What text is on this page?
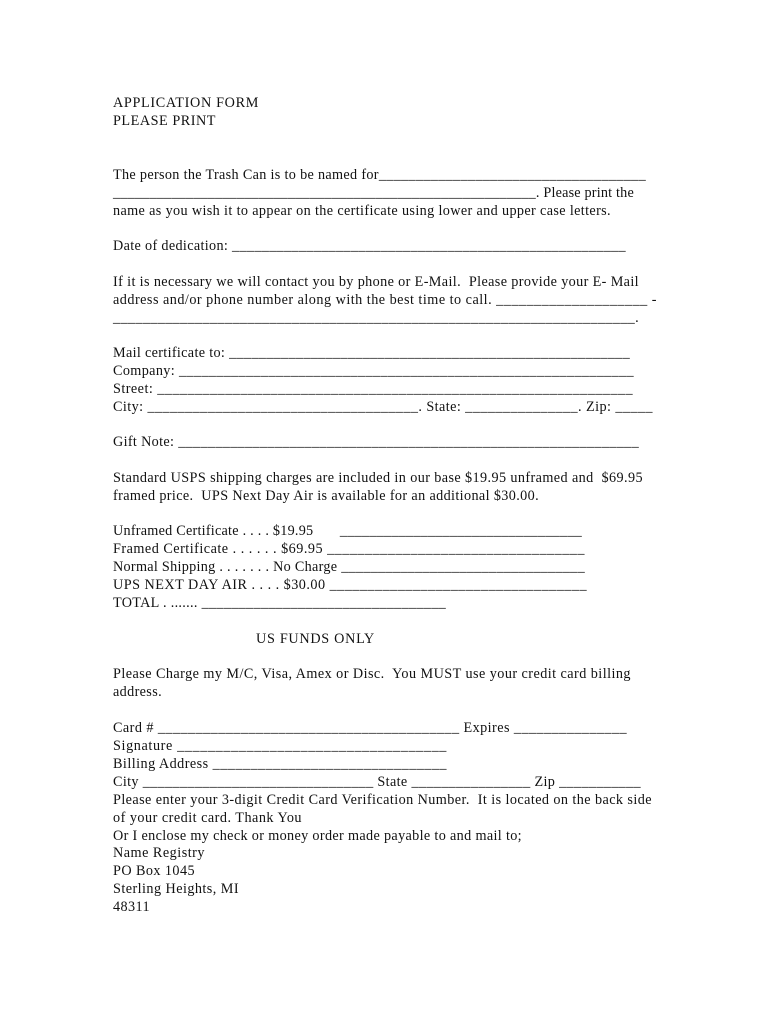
APPLICATION FORM

PLEASE PRINT

The person the Trash Can is to be named for____________________________________

__________________________________________________________. Please print the

name as you wish it to appear on the certificate using lower and upper case letters.

Date of dedication: _____________________________________________________

If it is necessary we will contact you by phone or E-Mail.  Please provide your E- Mail

address and/or phone number along with the best time to call. ____________________ -

______________________________________________________________________.

Mail certificate to: ______________________________________________________

Company: _____________________________________________________________

Street: _______________________________________________________________

City: ____________________________________. State: _______________. Zip: _____

Gift Note: ______________________________________________________________

Standard USPS shipping charges are included in our base $19.95 unframed and  $69.95

framed price.  UPS Next Day Air is available for an additional $30.00.

Unframed Certificate . . . . $19.95       _________________________________

Framed Certificate . . . . . . $69.95 __________________________________

Normal Shipping . . . . . . . No Charge _________________________________

UPS NEXT DAY AIR . . . . $30.00 __________________________________

TOTAL . ....... _________________________________

US FUNDS ONLY

Please Charge my M/C, Visa, Amex or Disc.  You MUST use your credit card billing

address.

Card # ________________________________________ Expires _______________

Signature ___________________________________

Billing Address _______________________________

City _______________________________ State ________________ Zip ___________

Please enter your 3-digit Credit Card Verification Number.  It is located on the back side

of your credit card. Thank You

Or I enclose my check or money order made payable to and mail to;

Name Registry

PO Box 1045

Sterling Heights, MI

48311
